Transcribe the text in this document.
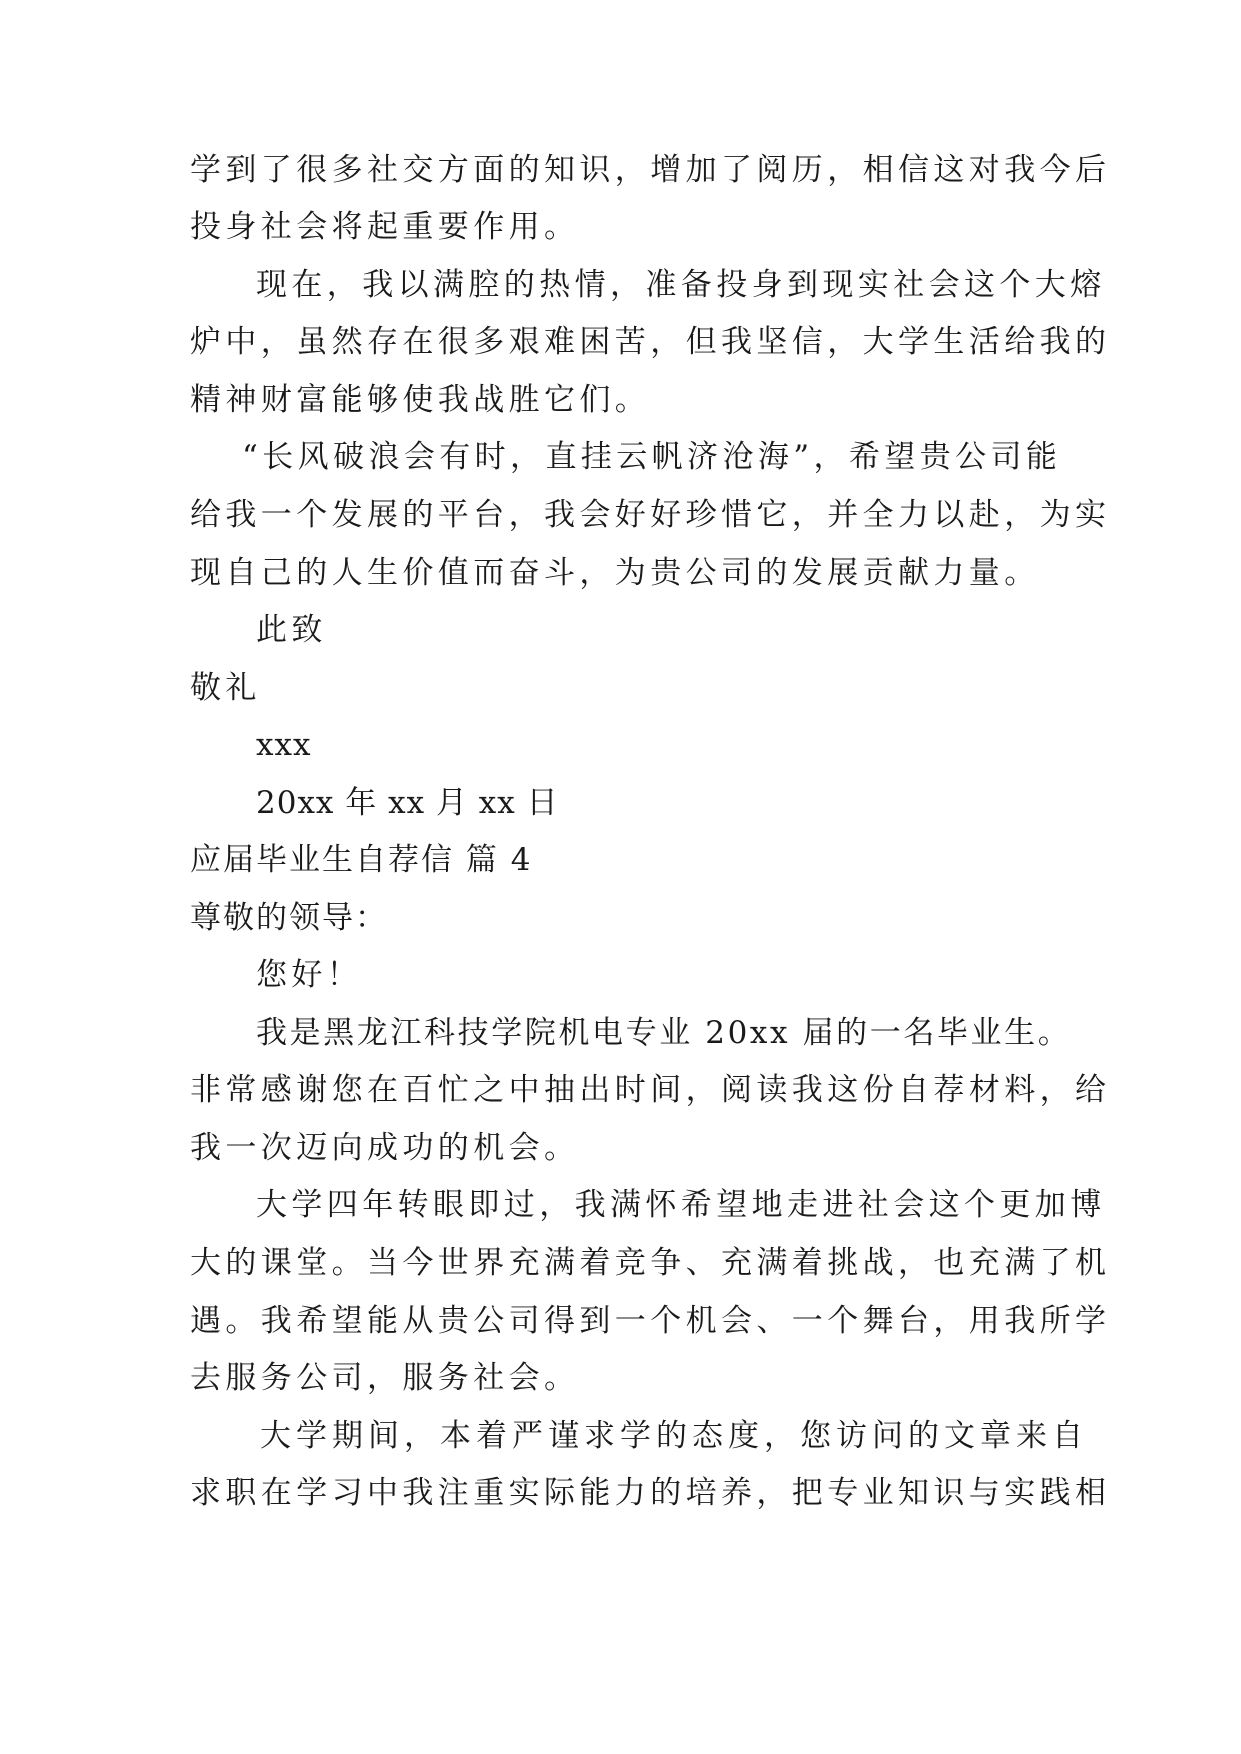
学到了很多社交方面的知识，增加了阅历，相信这对我今后
投身社会将起重要作用。
现在，我以满腔的热情，准备投身到现实社会这个大熔
炉中，虽然存在很多艰难困苦，但我坚信，大学生活给我的
精神财富能够使我战胜它们。
“长风破浪会有时，直挂云帆济沧海”，希望贵公司能
给我一个发展的平台，我会好好珍惜它，并全力以赴，为实
现自己的人生价值而奋斗，为贵公司的发展贡献力量。
此致
敬礼
xxx
20xx 年 xx 月 xx 日
应届毕业生自荐信 篇 4
尊敬的领导：
您好！
我是黑龙江科技学院机电专业 20xx 届的一名毕业生。
非常感谢您在百忙之中抽出时间，阅读我这份自荐材料，给
我一次迈向成功的机会。
大学四年转眼即过，我满怀希望地走进社会这个更加博
大的课堂。当今世界充满着竞争、充满着挑战，也充满了机
遇。我希望能从贵公司得到一个机会、一个舞台，用我所学
去服务公司，服务社会。
大学期间，本着严谨求学的态度，您访问的文章来自
求职在学习中我注重实际能力的培养，把专业知识与实践相
